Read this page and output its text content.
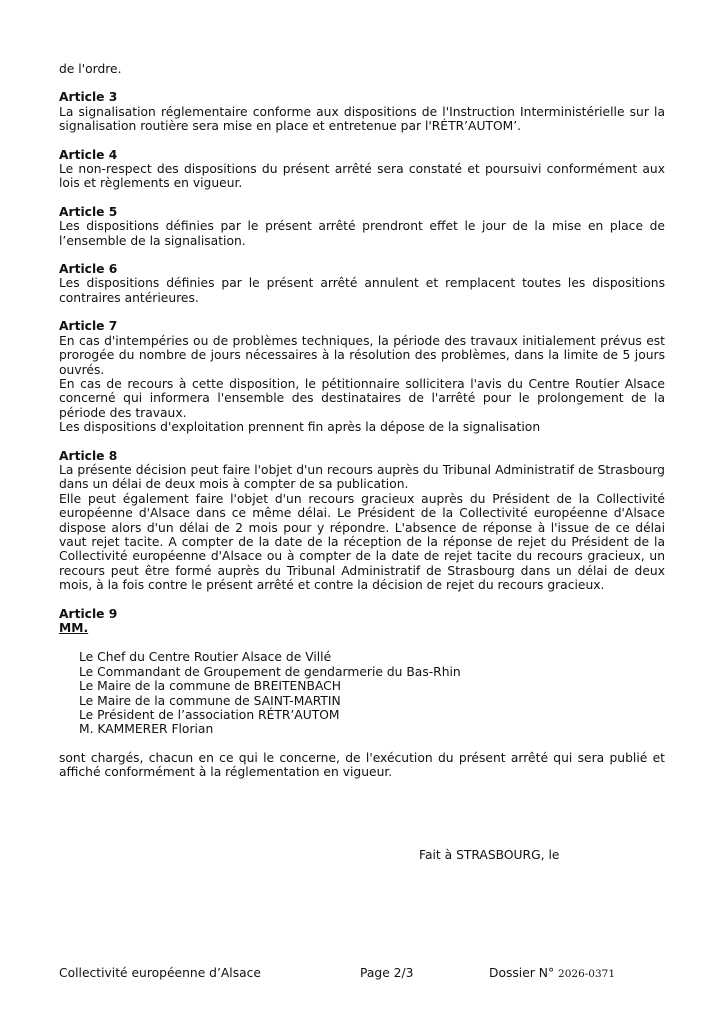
de l'ordre.

Article 3

La signalisation réglementaire conforme aux dispositions de l'Instruction Interministérielle sur la signalisation routière sera mise en place et entretenue par l'RÉTR’AUTOM’.

Article 4

Le non-respect des dispositions du présent arrêté sera constaté et poursuivi conformément aux lois et règlements en vigueur.

Article 5

Les dispositions définies par le présent arrêté prendront effet le jour de la mise en place de l’ensemble de la signalisation.

Article 6

Les dispositions définies par le présent arrêté annulent et remplacent toutes les dispositions contraires antérieures.

Article 7

En cas d'intempéries ou de problèmes techniques, la période des travaux initialement prévus est prorogée du nombre de jours nécessaires à la résolution des problèmes, dans la limite de 5 jours ouvrés.

En cas de recours à cette disposition, le pétitionnaire sollicitera l'avis du Centre Routier Alsace concerné qui informera l'ensemble des destinataires de l'arrêté pour le prolongement de la période des travaux.

Les dispositions d'exploitation prennent fin après la dépose de la signalisation

Article 8

La présente décision peut faire l'objet d'un recours auprès du Tribunal Administratif de Strasbourg dans un délai de deux mois à compter de sa publication.

Elle peut également faire l'objet d'un recours gracieux auprès du Président de la Collectivité européenne d'Alsace dans ce même délai. Le Président de la Collectivité européenne d'Alsace dispose alors d'un délai de 2 mois pour y répondre. L'absence de réponse à l'issue de ce délai vaut rejet tacite. A compter de la date de la réception de la réponse de rejet du Président de la Collectivité européenne d'Alsace ou à compter de la date de rejet tacite du recours gracieux, un recours peut être formé auprès du Tribunal Administratif de Strasbourg dans un délai de deux mois, à la fois contre le présent arrêté et contre la décision de rejet du recours gracieux.

Article 9

MM.

Le Chef du Centre Routier Alsace de Villé
Le Commandant de Groupement de gendarmerie du Bas-Rhin
Le Maire de la commune de BREITENBACH
Le Maire de la commune de SAINT-MARTIN
Le Président de l’association RÉTR’AUTOM
M. KAMMERER Florian

sont chargés, chacun en ce qui le concerne, de l'exécution du présent arrêté qui sera publié et affiché conformément à la réglementation en vigueur.

Fait à STRASBOURG, le
Collectivité européenne d’Alsace	Page 2/3	Dossier N° 2026-0371
